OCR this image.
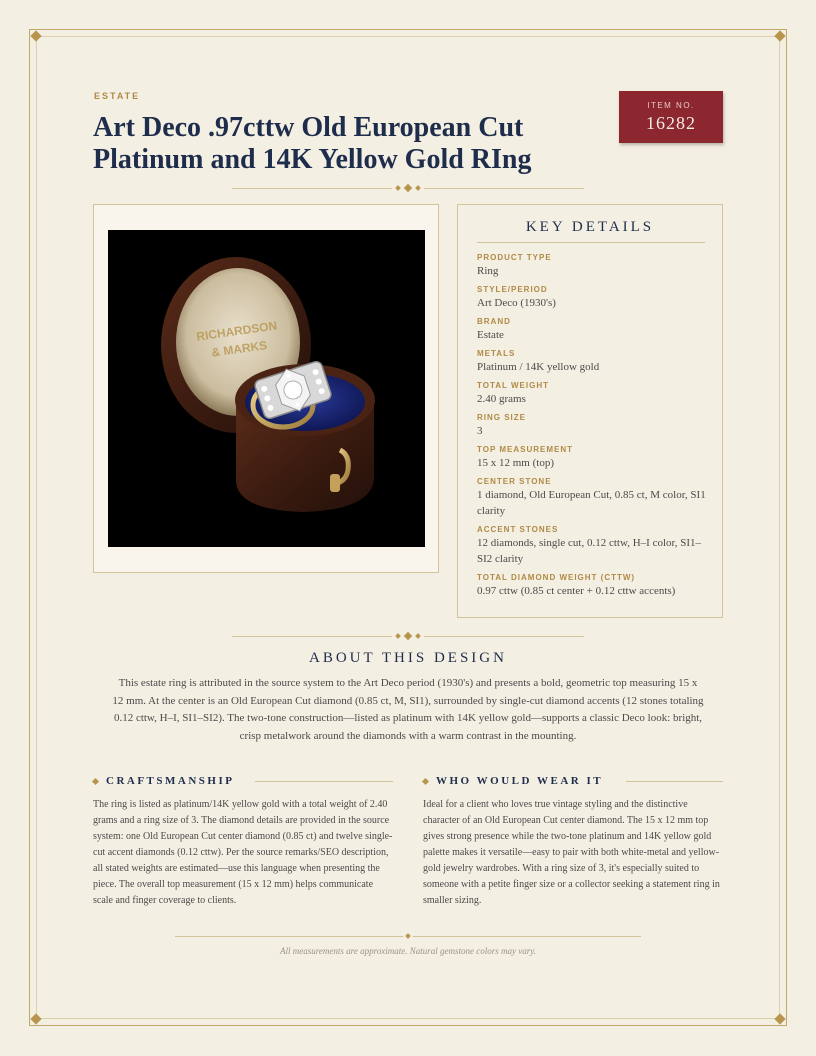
ESTATE
Art Deco .97cttw Old European Cut
Platinum and 14K Yellow Gold RIng
ITEM NO.
16282
RICHARDSON
& MARKS
KEY DETAILS
PRODUCT TYPE
Ring
STYLE/PERIOD
Art Deco (1930's)
BRAND
Estate
METALS
Platinum / 14K yellow gold
TOTAL WEIGHT
2.40 grams
RING SIZE
3
TOP MEASUREMENT
15 x 12 mm (top)
CENTER STONE
1 diamond, Old European Cut, 0.85 ct, M color, SI1 clarity
ACCENT STONES
12 diamonds, single cut, 0.12 cttw, H–I color, SI1–SI2 clarity
TOTAL DIAMOND WEIGHT (CTTW)
0.97 cttw (0.85 ct center + 0.12 cttw accents)
ABOUT THIS DESIGN
This estate ring is attributed in the source system to the Art Deco period (1930's) and presents a bold, geometric top measuring 15 x 12 mm. At the center is an Old European Cut diamond (0.85 ct, M, SI1), surrounded by single-cut diamond accents (12 stones totaling 0.12 cttw, H–I, SI1–SI2). The two-tone construction—listed as platinum with 14K yellow gold—supports a classic Deco look: bright, crisp metalwork around the diamonds with a warm contrast in the mounting.
CRAFTSMANSHIP
The ring is listed as platinum/14K yellow gold with a total weight of 2.40 grams and a ring size of 3. The diamond details are provided in the source system: one Old European Cut center diamond (0.85 ct) and twelve single-cut accent diamonds (0.12 cttw). Per the source remarks/SEO description, all stated weights are estimated—use this language when presenting the piece. The overall top measurement (15 x 12 mm) helps communicate scale and finger coverage to clients.
WHO WOULD WEAR IT
Ideal for a client who loves true vintage styling and the distinctive character of an Old European Cut center diamond. The 15 x 12 mm top gives strong presence while the two-tone platinum and 14K yellow gold palette makes it versatile—easy to pair with both white-metal and yellow-gold jewelry wardrobes. With a ring size of 3, it's especially suited to someone with a petite finger size or a collector seeking a statement ring in smaller sizing.
All measurements are approximate. Natural gemstone colors may vary.
